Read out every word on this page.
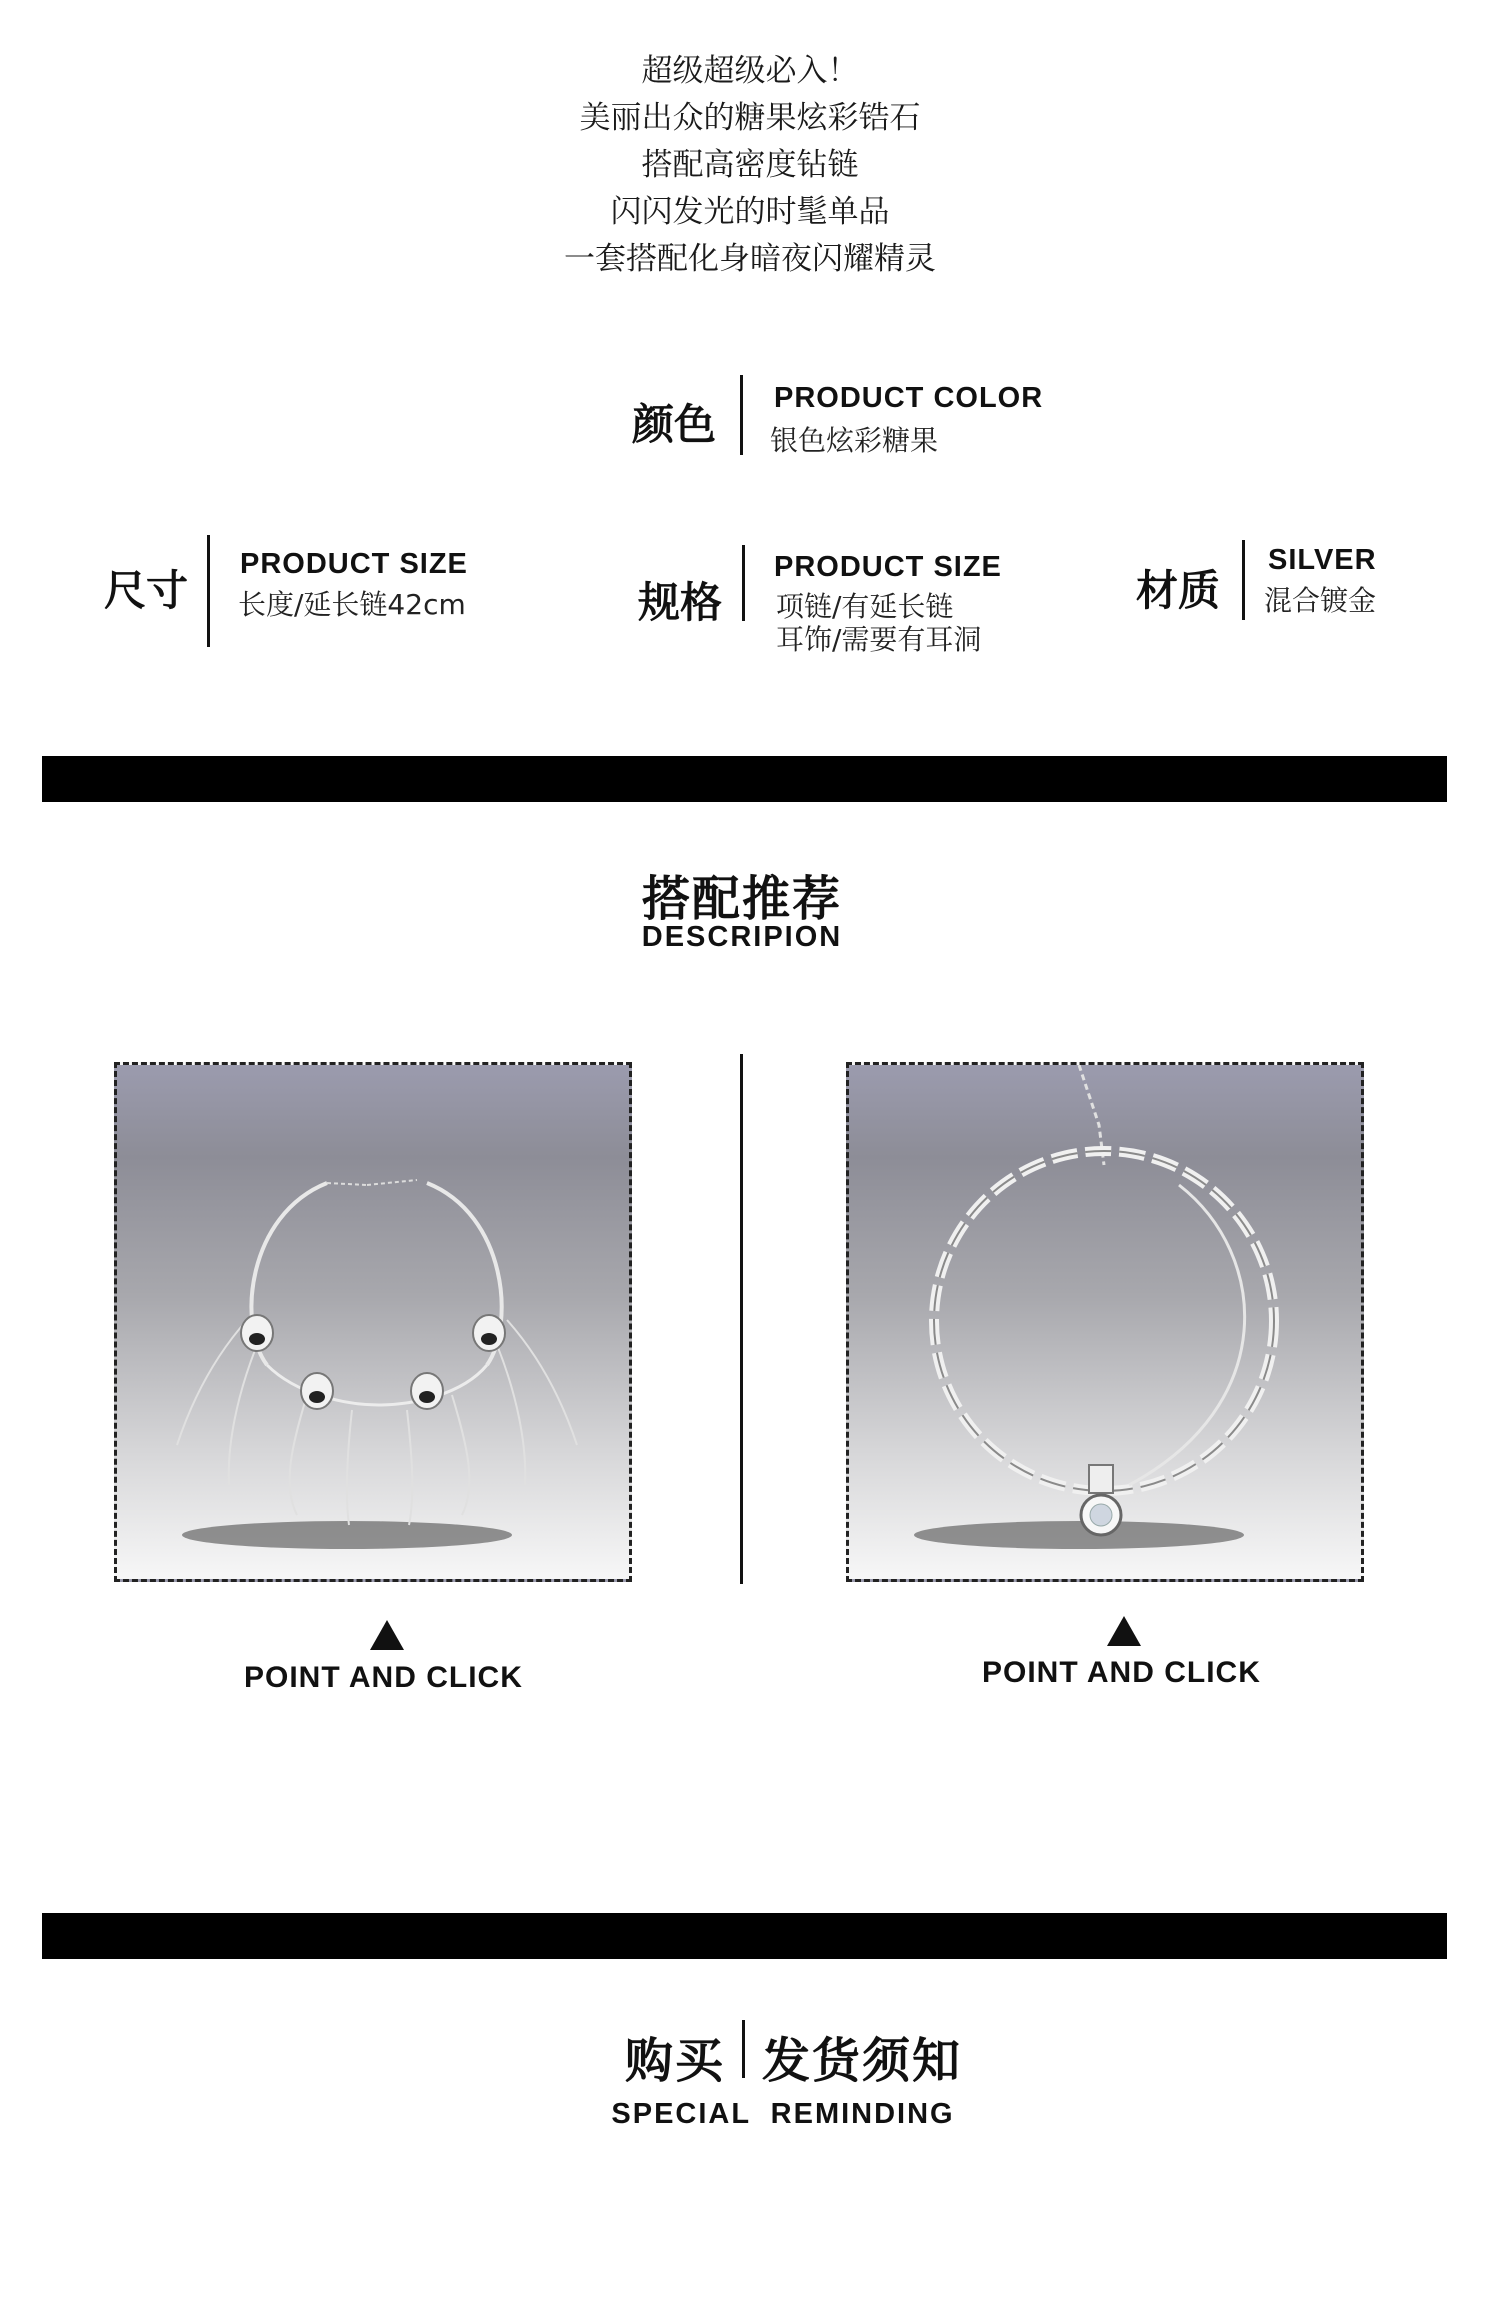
超级超级必入！
美丽出众的糖果炫彩锆石
搭配高密度钻链
闪闪发光的时髦单品
一套搭配化身暗夜闪耀精灵
颜色
PRODUCT COLOR
银色炫彩糖果
尺寸
PRODUCT SIZE
长度/延长链42cm	规格
PRODUCT SIZE
项链/有延长链
耳饰/需要有耳洞
材质
SILVER
混合镀金
搭配推荐
DESCRIPION
POINT AND CLICK	POINT AND CLICK
购买 发货须知
SPECIAL  REMINDING
